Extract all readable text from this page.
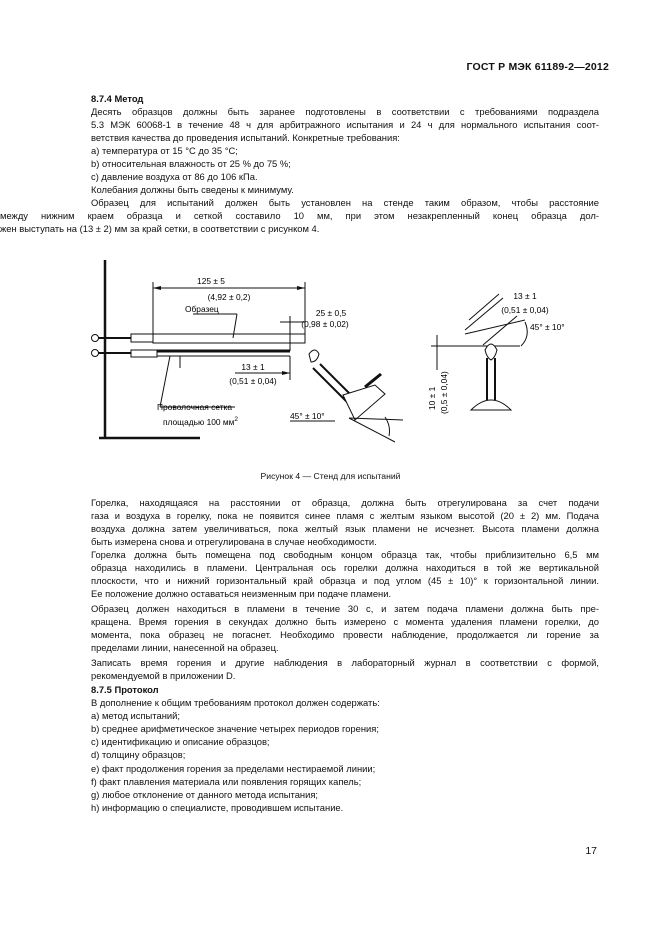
ГОСТ Р МЭК 61189-2—2012
8.7.4 Метод
Десять образцов должны быть заранее подготовлены в соответствии с требованиями подраздела
5.3 МЭК 60068-1 в течение 48 ч для арбитражного испытания и 24 ч для нормального испытания соот-
ветствия качества до проведения испытаний. Конкретные требования:
a) температура от 15 °C до 35 °C;
b) относительная влажность от 25 % до 75 %;
c) давление воздуха от 86 до 106 кПа.
Колебания должны быть сведены к минимуму.
Образец для испытаний должен быть установлен на стенде таким образом, чтобы расстояние
между нижним краем образца и сеткой составило 10 мм, при этом незакрепленный конец образца дол-
жен выступать на (13 ± 2) мм за край сетки, в соответствии с рисунком 4.
125 ± 5
(4,92 ± 0,2)
Образец	25 ± 0,5
(0,98 ± 0,02)
13 ± 1
(0,51 ± 0,04)
Проволочная сетка
площадью 100 $мм^2$	45° ± 10°
13 ± 1
(0,51 ± 0,04)
45° ± 10°
10 ± 1 (0,5 ± 0,04)
Рисунок 4 — Стенд для испытаний
Горелка, находящаяся на расстоянии от образца, должна быть отрегулирована за счет подачи
газа и воздуха в горелку, пока не появится синее пламя с желтым языком высотой (20 ± 2) мм. Подача
воздуха должна затем увеличиваться, пока желтый язык пламени не исчезнет. Высота пламени должна
быть измерена снова и отрегулирована в случае необходимости.
Горелка должна быть помещена под свободным концом образца так, чтобы приблизительно 6,5 мм
образца находились в пламени. Центральная ось горелки должна находиться в той же вертикальной
плоскости, что и нижний горизонтальный край образца и под углом (45 ± 10)° к горизонтальной линии.
Ее положение должно оставаться неизменным при подаче пламени.
Образец должен находиться в пламени в течение 30 с, и затем подача пламени должна быть пре-
кращена. Время горения в секундах должно быть измерено с момента удаления пламени горелки, до
момента, пока образец не погаснет. Необходимо провести наблюдение, продолжается ли горение за
пределами линии, нанесенной на образец.
Записать время горения и другие наблюдения в лабораторный журнал в соответствии с формой,
рекомендуемой в приложении D.
8.7.5 Протокол
В дополнение к общим требованиям протокол должен содержать:
a) метод испытаний;
b) среднее арифметическое значение четырех периодов горения;
c) идентификацию и описание образцов;
d) толщину образцов;
e) факт продолжения горения за пределами нестираемой линии;
f) факт плавления материала или появления горящих капель;
g) любое отклонение от данного метода испытания;
h) информацию о специалисте, проводившем испытание.
17
